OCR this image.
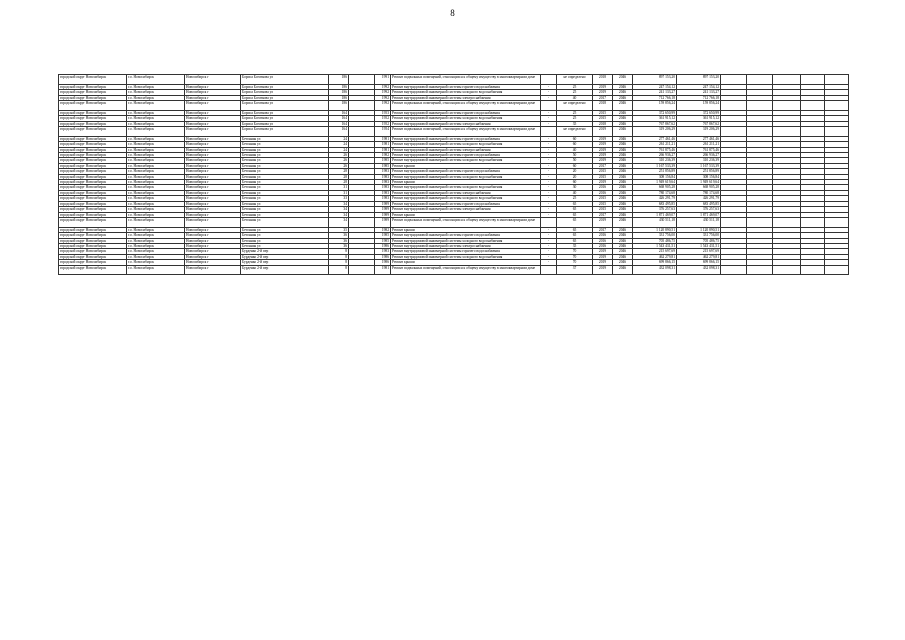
8
городской округ Новосибирск	г.о. Новосибирск	Новосибирск г	Бориса Богаткова ул	186		1991	Ремонт подвальных помещений, относящихся к общему имуществу в многоквартирном доме		не определено	2018	2046	897 153,20	897 153,20					
городской округ Новосибирск	г.о. Новосибирск	Новосибирск г	Бориса Богаткова ул	186		1992	Ремонт внутридомовой инженерной системы горячего водоснабжения	-	25	2019	2046	247 154,12	247 154,12					
городской округ Новосибирск	г.о. Новосибирск	Новосибирск г	Бориса Богаткова ул	186		1992	Ремонт внутридомовой инженерной системы холодного водоснабжения	-	25	2019	2046	241 133,27	241 133,27					
городской округ Новосибирск	г.о. Новосибирск	Новосибирск г	Бориса Богаткова ул	186		1992	Ремонт внутридомовой инженерной системы электроснабжения	-	40	2017	2046	712 766,18	712 766,18					
городской округ Новосибирск	г.о. Новосибирск	Новосибирск г	Бориса Богаткова ул	186		1992	Ремонт подвальных помещений, относящихся к общему имуществу в многоквартирном доме		не определено	2018	2046	159 856,24	159 856,24					
городской округ Новосибирск	г.о. Новосибирск	Новосибирск г	Бориса Богаткова ул	164		1953	Ремонт внутридомовой инженерной системы горячего водоснабжения	-	25	2015	2046	372 650,99	372 650,99					
городской округ Новосибирск	г.о. Новосибирск	Новосибирск г	Бориса Богаткова ул	164		1952	Ремонт внутридомовой инженерной системы холодного водоснабжения	-	25	2015	2046	361 915,12	361 915,12					
городской округ Новосибирск	г.о. Новосибирск	Новосибирск г	Бориса Богаткова ул	164		1952	Ремонт внутридомовой инженерной системы электроснабжения	-	35	2018	2046	767 867,62	767 867,62					
городской округ Новосибирск	г.о. Новосибирск	Новосибирск г	Бориса Богаткова ул	164		1954	Ремонт подвальных помещений, относящихся к общему имуществу в многоквартирном доме		не определено	2019	2046	319 206,29	319 206,29					
городской округ Новосибирск	г.о. Новосибирск	Новосибирск г	Бетонная ул	24		1981	Ремонт внутридомовой инженерной системы горячего водоснабжения	-	60	2019	2046	277 461,46	277 461,46					
городской округ Новосибирск	г.о. Новосибирск	Новосибирск г	Бетонная ул	24		1981	Ремонт внутридомовой инженерной системы холодного водоснабжения	-	60	2019	2046	261 211,21	261 211,21					
городской округ Новосибирск	г.о. Новосибирск	Новосибирск г	Бетонная ул	24		1981	Ремонт внутридомовой инженерной системы электроснабжения	-	40	2019	2046	761 875,46	761 875,46					
городской округ Новосибирск	г.о. Новосибирск	Новосибирск г	Бетонная ул	26		1982	Ремонт внутридомовой инженерной системы горячего водоснабжения	-	50	2019	2046	266 936,27	266 936,27					
городской округ Новосибирск	г.о. Новосибирск	Новосибирск г	Бетонная ул	26		1985	Ремонт внутридомовой инженерной системы холодного водоснабжения	-	50	2019	2046	310 236,39	310 236,39					
городской округ Новосибирск	г.о. Новосибирск	Новосибирск г	Бетонная ул	26		1985	Ремонт крыши	-	60	2017	2046	1 167 533,39	1 167 533,39					
городской округ Новосибирск	г.о. Новосибирск	Новосибирск г	Бетонная ул	28		1983	Ремонт внутридомовой инженерной системы горячего водоснабжения	-	20	2015	2046	251 856,89	251 856,89					
городской округ Новосибирск	г.о. Новосибирск	Новосибирск г	Бетонная ул	28		1983	Ремонт внутридомовой инженерной системы холодного водоснабжения	-	20	2015	2046	308 156,84	308 156,84					
городской округ Новосибирск	г.о. Новосибирск	Новосибирск г	Бетонная ул	28		1983	Ремонт крыши	-	60	2019	2046	1 949 619,64	1 949 619,64					
городской округ Новосибирск	г.о. Новосибирск	Новосибирск г	Бетонная ул	31		1983	Ремонт внутридомовой инженерной системы холодного водоснабжения	-	30	2016	2046	668 905,28	668 905,28					
городской округ Новосибирск	г.о. Новосибирск	Новосибирск г	Бетонная ул	31		1983	Ремонт внутридомовой инженерной системы электроснабжения	-	40	2016	2046	780 174,68	780 174,68					
городской округ Новосибирск	г.о. Новосибирск	Новосибирск г	Бетонная ул	33		1983	Ремонт внутридомовой инженерной системы холодного водоснабжения	-	25	2015	2046	426 291,79	426 291,79					
городской округ Новосибирск	г.о. Новосибирск	Новосибирск г	Бетонная ул	34		1989	Ремонт внутридомовой инженерной системы горячего водоснабжения	-	65	2015	2046	683 495,85	683 495,85					
городской округ Новосибирск	г.о. Новосибирск	Новосибирск г	Бетонная ул	34		1989	Ремонт внутридомовой инженерной системы электроснабжения	-	65	2015	2046	376 257,63	376 257,63					
городской округ Новосибирск	г.о. Новосибирск	Новосибирск г	Бетонная ул	34		1989	Ремонт крыши	-	65	2017	2046	1 871 469,07	1 871 469,07					
городской округ Новосибирск	г.о. Новосибирск	Новосибирск г	Бетонная ул	34		1989	Ремонт подвальных помещений, относящихся к общему имуществу в многоквартирном доме		65	2019	2046	430 511,18	430 511,18					
городской округ Новосибирск	г.о. Новосибирск	Новосибирск г	Бетонная ул	35		1982	Ремонт крыши	-	65	2017	2046	1 120 890,51	1 120 890,51					
городской округ Новосибирск	г.о. Новосибирск	Новосибирск г	Бетонная ул	36		1985	Ремонт внутридомовой инженерной системы горячего водоснабжения	-	65	2016	2046	331 756,00	331 756,00					
городской округ Новосибирск	г.о. Новосибирск	Новосибирск г	Бетонная ул	36		1985	Ремонт внутридомовой инженерной системы холодного водоснабжения	-	65	2016	2046	705 486,75	705 486,75					
городской округ Новосибирск	г.о. Новосибирск	Новосибирск г	Бетонная ул	36		1986	Ремонт внутридомовой инженерной системы электроснабжения	-	35	2016	2046	1 543 431,51	1 543 431,51					
городской округ Новосибирск	г.о. Новосибирск	Новосибирск г	Бурденко 2-й пер	8		1983	Ремонт внутридомовой инженерной системы горячего водоснабжения	-	70	2019	2046	215 697,69	215 697,69					
городской округ Новосибирск	г.о. Новосибирск	Новосибирск г	Бурденко 2-й пер	8		1986	Ремонт внутридомовой инженерной системы холодного водоснабжения	-	70	2019	2046	462 279,81	462 279,81					
городской округ Новосибирск	г.о. Новосибирск	Новосибирск г	Бурденко 2-й пер	8		1986	Ремонт крыши	-	70	2019	2046	699 866,15	699 866,15					
городской округ Новосибирск	г.о. Новосибирск	Новосибирск г	Бурденко 2-й пер	8		1981	Ремонт подвальных помещений, относящихся к общему имуществу в многоквартирном доме		37	2019	2046	432 098,31	432 098,31					
